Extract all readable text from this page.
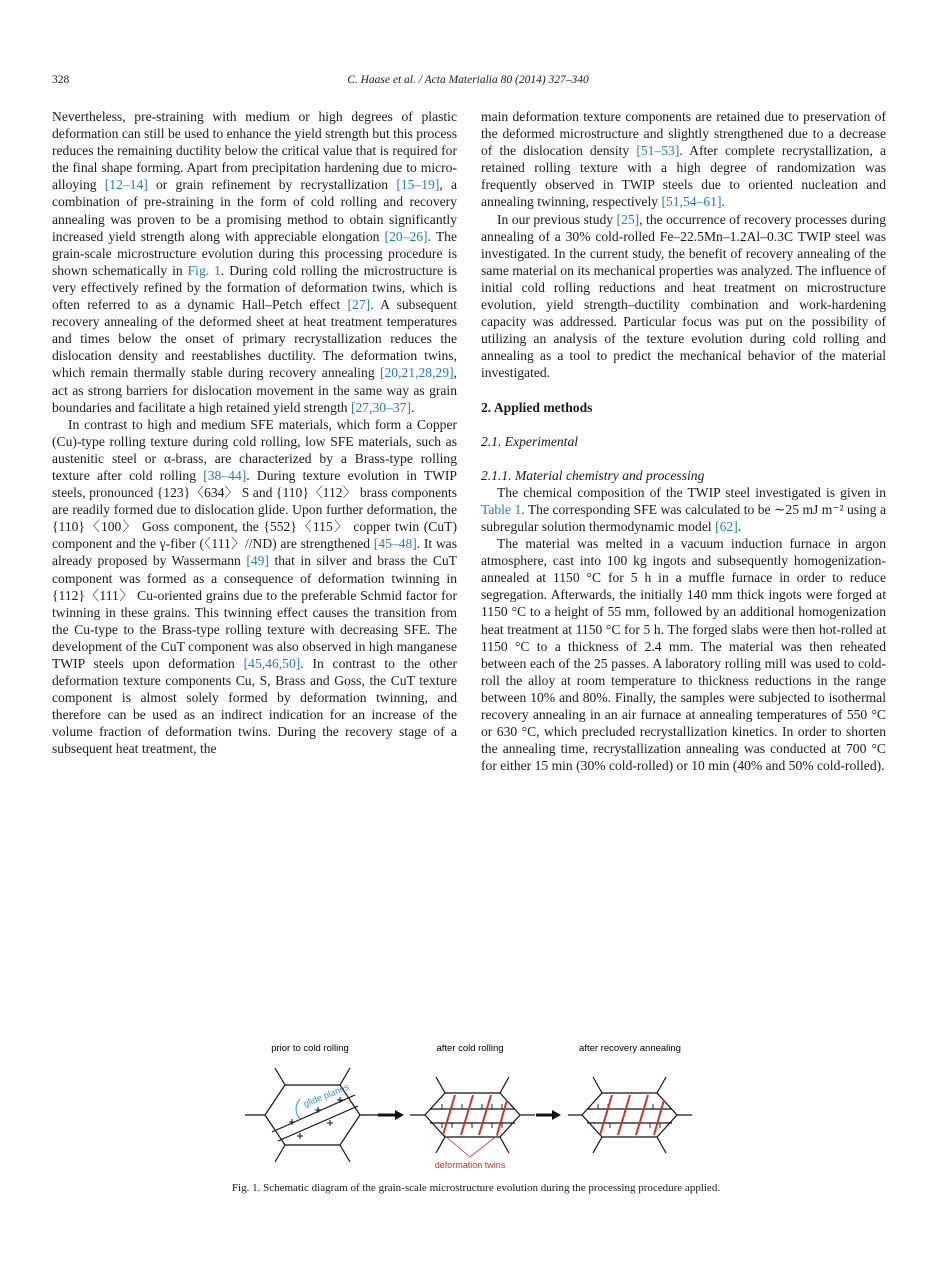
328	C. Haase et al. / Acta Materialia 80 (2014) 327–340

Nevertheless, pre-straining with medium or high degrees of plastic deformation can still be used to enhance the yield strength but this process reduces the remaining ductility below the critical value that is required for the final shape forming. Apart from precipitation hardening due to micro-alloying [12–14] or grain refinement by recrystallization [15–19], a combination of pre-straining in the form of cold rolling and recovery annealing was proven to be a promising method to obtain significantly increased yield strength along with appreciable elongation [20–26]. The grain-scale microstructure evolution during this processing procedure is shown schematically in Fig. 1. During cold rolling the microstructure is very effectively refined by the formation of deformation twins, which is often referred to as a dynamic Hall–Petch effect [27]. A subsequent recovery annealing of the deformed sheet at heat treatment temperatures and times below the onset of primary recrystallization reduces the dislocation density and reestablishes ductility. The deformation twins, which remain thermally stable during recovery annealing [20,21,28,29], act as strong barriers for dislocation movement in the same way as grain boundaries and facilitate a high retained yield strength [27,30–37].

In contrast to high and medium SFE materials, which form a Copper (Cu)-type rolling texture during cold rolling, low SFE materials, such as austenitic steel or α-brass, are characterized by a Brass-type rolling texture after cold rolling [38–44]. During texture evolution in TWIP steels, pronounced {123}〈634〉 S and {110}〈112〉 brass components are readily formed due to dislocation glide. Upon further deformation, the {110}〈100〉 Goss component, the {552}〈115〉 copper twin (CuT) component and the γ-fiber (〈111〉//ND) are strengthened [45–48]. It was already proposed by Wassermann [49] that in silver and brass the CuT component was formed as a consequence of deformation twinning in {112}〈111〉 Cu-oriented grains due to the preferable Schmid factor for twinning in these grains. This twinning effect causes the transition from the Cu-type to the Brass-type rolling texture with decreasing SFE. The development of the CuT component was also observed in high manganese TWIP steels upon deformation [45,46,50]. In contrast to the other deformation texture components Cu, S, Brass and Goss, the CuT texture component is almost solely formed by deformation twinning, and therefore can be used as an indirect indication for an increase of the volume fraction of deformation twins. During the recovery stage of a subsequent heat treatment, the

main deformation texture components are retained due to preservation of the deformed microstructure and slightly strengthened due to a decrease of the dislocation density [51–53]. After complete recrystallization, a retained rolling texture with a high degree of randomization was frequently observed in TWIP steels due to oriented nucleation and annealing twinning, respectively [51,54–61].

In our previous study [25], the occurrence of recovery processes during annealing of a 30% cold-rolled Fe–22.5Mn–1.2Al–0.3C TWIP steel was investigated. In the current study, the benefit of recovery annealing of the same material on its mechanical properties was analyzed. The influence of initial cold rolling reductions and heat treatment on microstructure evolution, yield strength–ductility combination and work-hardening capacity was addressed. Particular focus was put on the possibility of utilizing an analysis of the texture evolution during cold rolling and annealing as a tool to predict the mechanical behavior of the material investigated.

2. Applied methods
2.1. Experimental
2.1.1. Material chemistry and processing

The chemical composition of the TWIP steel investigated is given in Table 1. The corresponding SFE was calculated to be ∼25 mJ m⁻² using a subregular solution thermodynamic model [62].

The material was melted in a vacuum induction furnace in argon atmosphere, cast into 100 kg ingots and subsequently homogenization-annealed at 1150 °C for 5 h in a muffle furnace in order to reduce segregation. Afterwards, the initially 140 mm thick ingots were forged at 1150 °C to a height of 55 mm, followed by an additional homogenization heat treatment at 1150 °C for 5 h. The forged slabs were then hot-rolled at 1150 °C to a thickness of 2.4 mm. The material was then reheated between each of the 25 passes. A laboratory rolling mill was used to cold-roll the alloy at room temperature to thickness reductions in the range between 10% and 80%. Finally, the samples were subjected to isothermal recovery annealing in an air furnace at annealing temperatures of 550 °C or 630 °C, which precluded recrystallization kinetics. In order to shorten the annealing time, recrystallization annealing was conducted at 700 °C for either 15 min (30% cold-rolled) or 10 min (40% and 50% cold-rolled).

prior to cold rolling	after cold rolling	after recovery annealing
glide planes
deformation twins
Fig. 1. Schematic diagram of the grain-scale microstructure evolution during the processing procedure applied.
